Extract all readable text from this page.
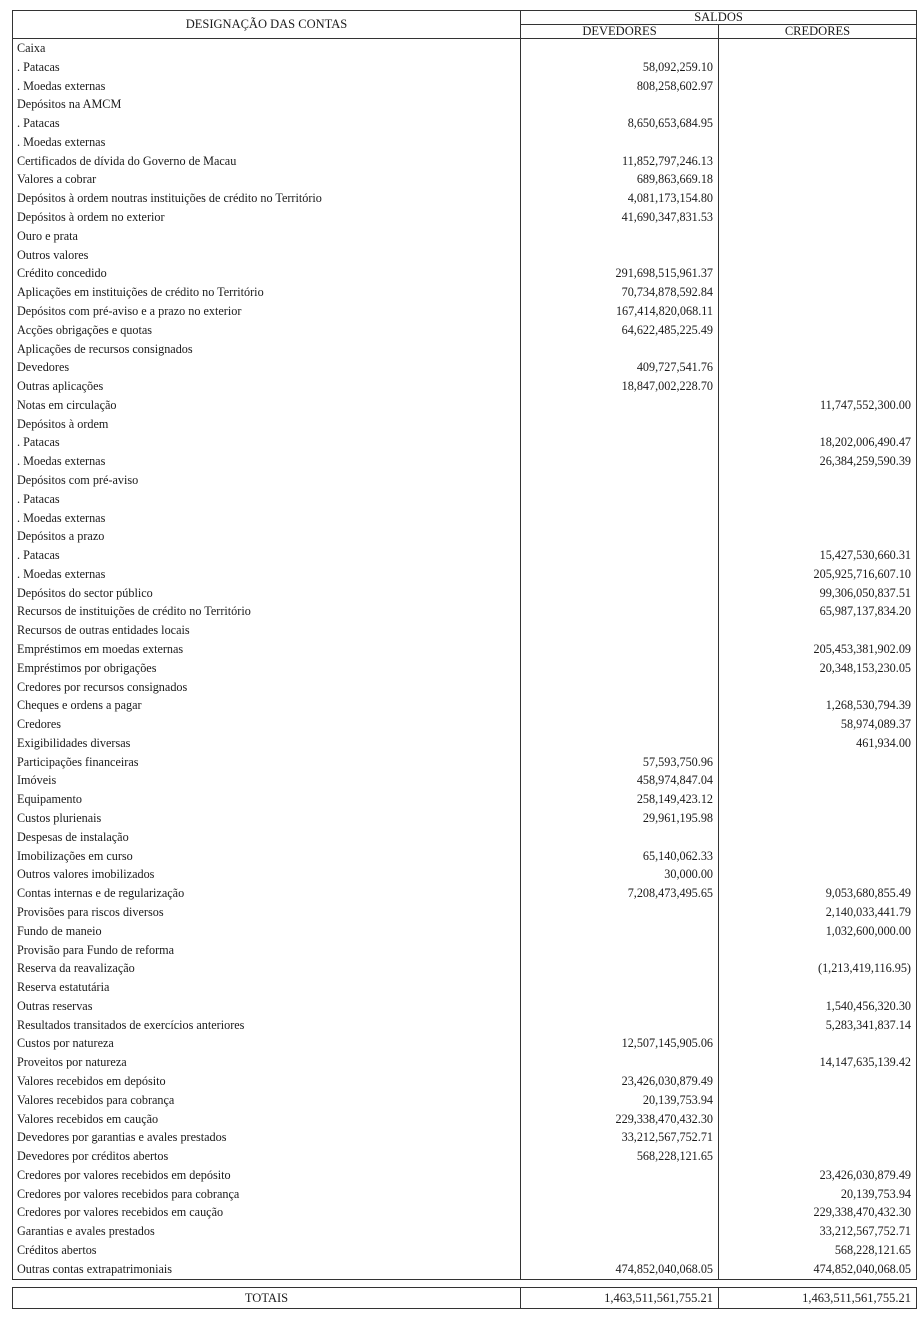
DESIGNAÇÃO DAS CONTAS	SALDOS	
	DEVEDORES	CREDORES
Caixa		
. Patacas	58,092,259.10	
. Moedas externas	808,258,602.97	
Depósitos na AMCM		
. Patacas	8,650,653,684.95	
. Moedas externas		
Certificados de dívida do Governo de Macau	11,852,797,246.13	
Valores a cobrar	689,863,669.18	
Depósitos à ordem noutras instituições de crédito no Território	4,081,173,154.80	
Depósitos à ordem no exterior	41,690,347,831.53	
Ouro e prata		
Outros valores		
Crédito concedido	291,698,515,961.37	
Aplicações em instituições de crédito no Território	70,734,878,592.84	
Depósitos com pré-aviso e a prazo no exterior	167,414,820,068.11	
Acções obrigações e quotas	64,622,485,225.49	
Aplicações de recursos consignados		
Devedores	409,727,541.76	
Outras aplicações	18,847,002,228.70	
Notas em circulação		11,747,552,300.00
Depósitos à ordem		
. Patacas		18,202,006,490.47
. Moedas externas		26,384,259,590.39
Depósitos com pré-aviso		
. Patacas		
. Moedas externas		
Depósitos a prazo		
. Patacas		15,427,530,660.31
. Moedas externas		205,925,716,607.10
Depósitos do sector público		99,306,050,837.51
Recursos de instituições de crédito no Território		65,987,137,834.20
Recursos de outras entidades locais		
Empréstimos em moedas externas		205,453,381,902.09
Empréstimos por obrigações		20,348,153,230.05
Credores por recursos consignados		
Cheques e ordens a pagar		1,268,530,794.39
Credores		58,974,089.37
Exigibilidades diversas		461,934.00
Participações financeiras	57,593,750.96	
Imóveis	458,974,847.04	
Equipamento	258,149,423.12	
Custos plurienais	29,961,195.98	
Despesas de instalação		
Imobilizações em curso	65,140,062.33	
Outros valores imobilizados	30,000.00	
Contas internas e de regularização	7,208,473,495.65	9,053,680,855.49
Provisões para riscos diversos		2,140,033,441.79
Fundo de maneio		1,032,600,000.00
Provisão para Fundo de reforma		
Reserva da reavalização		(1,213,419,116.95)
Reserva estatutária		
Outras reservas		1,540,456,320.30
Resultados transitados de exercícios anteriores		5,283,341,837.14
Custos por natureza	12,507,145,905.06	
Proveitos por natureza		14,147,635,139.42
Valores recebidos em depósito	23,426,030,879.49	
Valores recebidos para cobrança	20,139,753.94	
Valores recebidos em caução	229,338,470,432.30	
Devedores por garantias e avales prestados	33,212,567,752.71	
Devedores por créditos abertos	568,228,121.65	
Credores por valores recebidos em depósito		23,426,030,879.49
Credores por valores recebidos para cobrança		20,139,753.94
Credores por valores recebidos em caução		229,338,470,432.30
Garantias e avales prestados		33,212,567,752.71
Créditos abertos		568,228,121.65
Outras contas extrapatrimoniais	474,852,040,068.05	474,852,040,068.05
TOTAIS	1,463,511,561,755.21	1,463,511,561,755.21
